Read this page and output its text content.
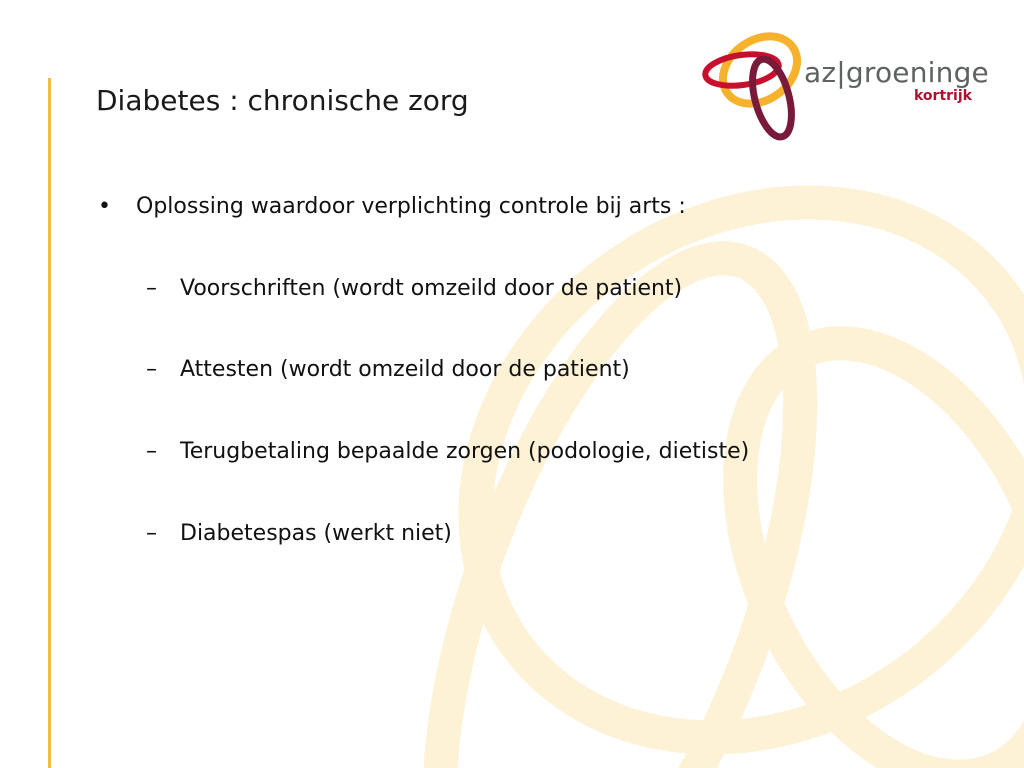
Diabetes : chronische zorg
az|groeninge
kortrijk
• Oplossing waardoor verplichting controle bij arts :
– Voorschriften (wordt omzeild door de patient)
– Attesten (wordt omzeild door de patient)
– Terugbetaling bepaalde zorgen (podologie, dietiste)
– Diabetespas (werkt niet)
